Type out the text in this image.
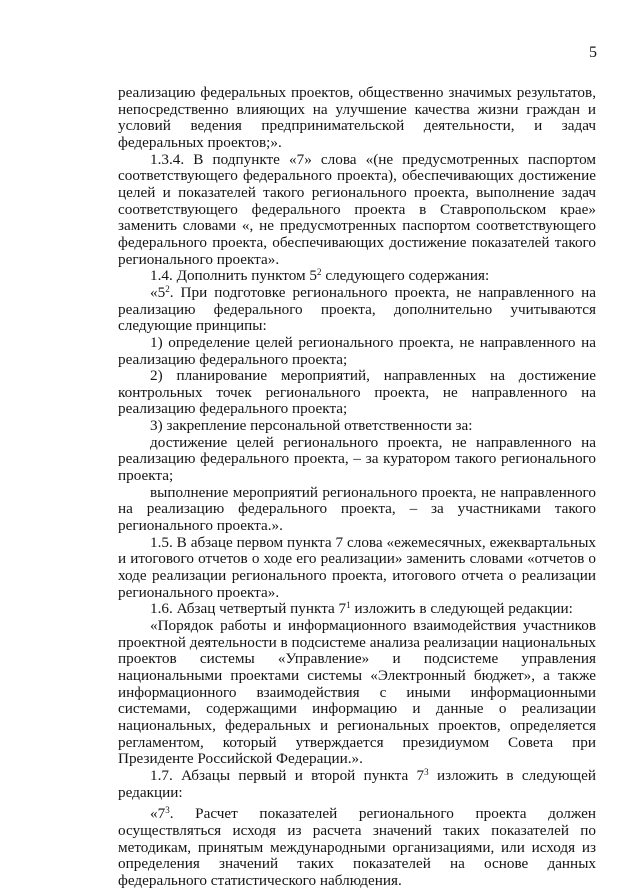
5

реализацию федеральных проектов, общественно значимых результатов, непосредственно влияющих на улучшение качества жизни граждан и условий ведения предпринимательской деятельности, и задач федеральных проектов;».

1.3.4. В подпункте «7» слова «(не предусмотренных паспортом соответствующего федерального проекта), обеспечивающих достижение целей и показателей такого регионального проекта, выполнение задач соответствующего федерального проекта в Ставропольском крае» заменить словами «, не предусмотренных паспортом соответствующего федерального проекта, обеспечивающих достижение показателей такого регионального проекта».

1.4. Дополнить пунктом $5^2$ следующего содержания:

«$5^2$. При подготовке регионального проекта, не направленного на реализацию федерального проекта, дополнительно учитываются следующие принципы:

1) определение целей регионального проекта, не направленного на реализацию федерального проекта;

2) планирование мероприятий, направленных на достижение контрольных точек регионального проекта, не направленного на реализацию федерального проекта;

3) закрепление персональной ответственности за:

достижение целей регионального проекта, не направленного на реализацию федерального проекта, – за куратором такого регионального проекта;

выполнение мероприятий регионального проекта, не направленного на реализацию федерального проекта, – за участниками такого регионального проекта.».

1.5. В абзаце первом пункта 7 слова «ежемесячных, ежеквартальных и итогового отчетов о ходе его реализации» заменить словами «отчетов о ходе реализации регионального проекта, итогового отчета о реализации регионального проекта».

1.6. Абзац четвертый пункта $7^1$ изложить в следующей редакции:

«Порядок работы и информационного взаимодействия участников проектной деятельности в подсистеме анализа реализации национальных проектов системы «Управление» и подсистеме управления национальными проектами системы «Электронный бюджет», а также информационного взаимодействия с иными информационными системами, содержащими информацию и данные о реализации национальных, федеральных и региональных проектов, определяется регламентом, который утверждается президиумом Совета при Президенте Российской Федерации.».

1.7. Абзацы первый и второй пункта $7^3$ изложить в следующей редакции:

«$7^3$. Расчет показателей регионального проекта должен осуществляться исходя из расчета значений таких показателей по методикам, принятым международными организациями, или исходя из определения значений таких показателей на основе данных федерального статистического наблюдения.
